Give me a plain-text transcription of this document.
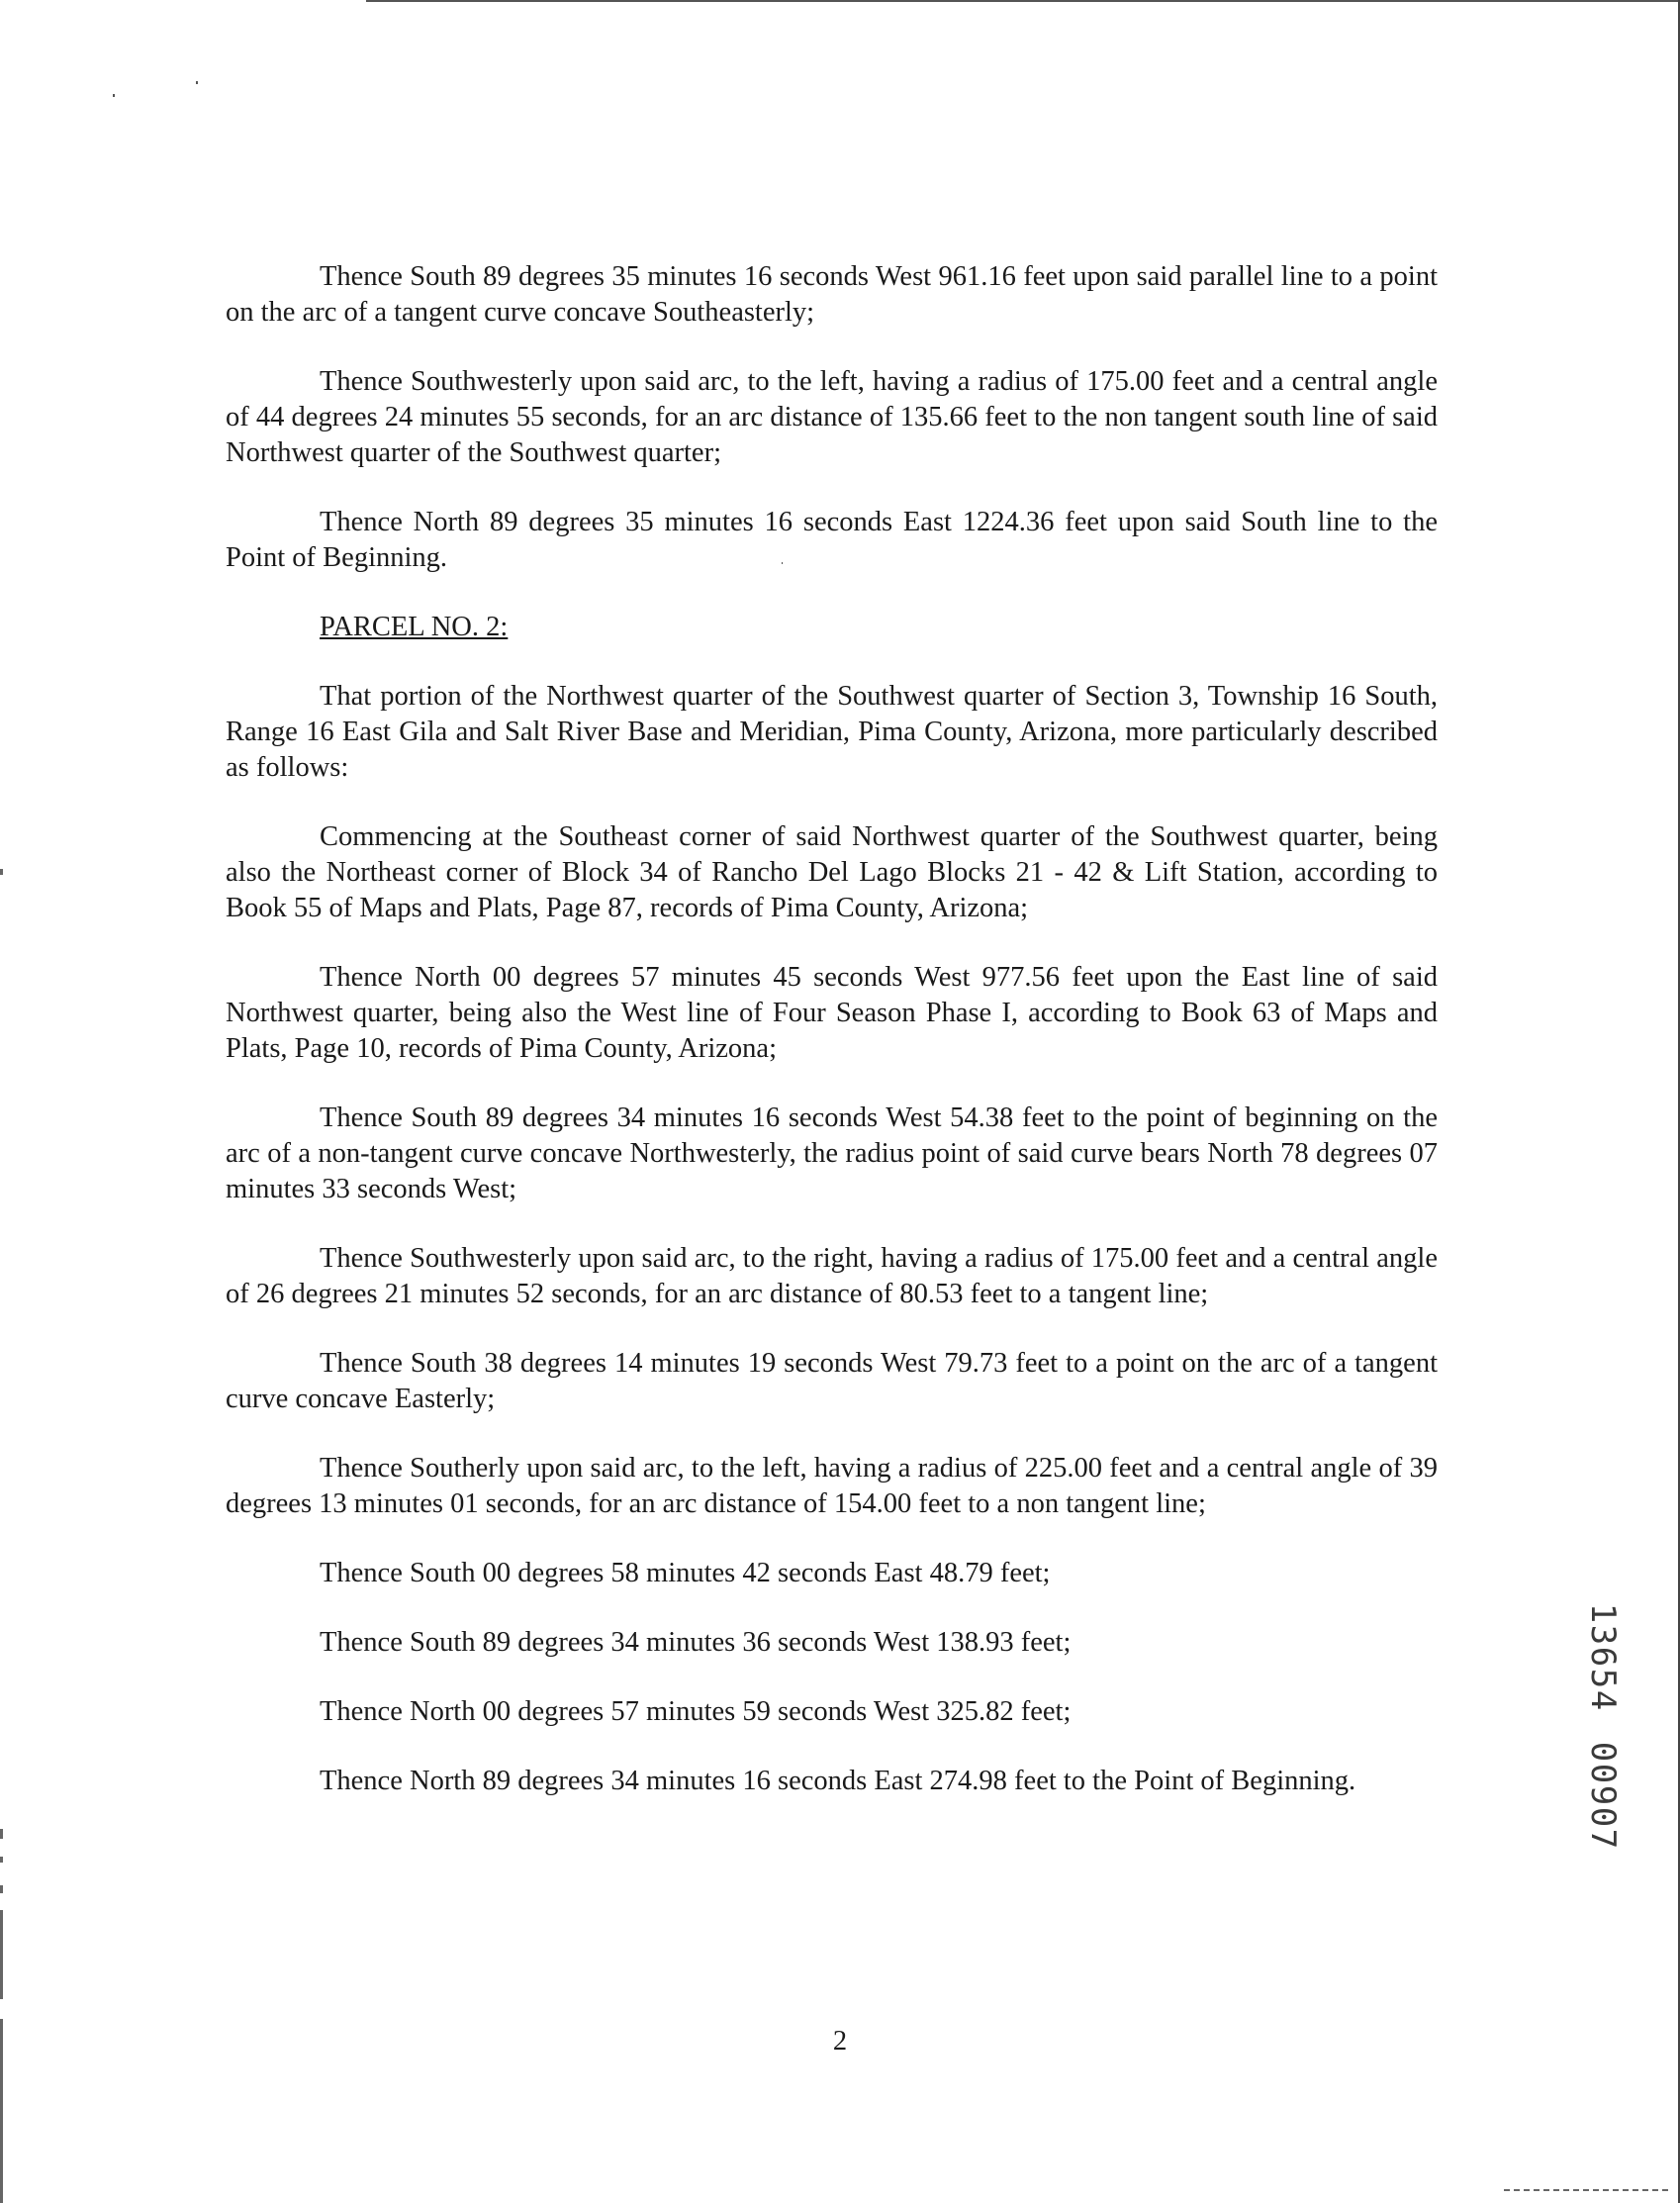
Thence South 89 degrees 35 minutes 16 seconds West 961.16 feet upon said parallel line to a point on the arc of a tangent curve concave Southeasterly;

Thence Southwesterly upon said arc, to the left, having a radius of 175.00 feet and a central angle of 44 degrees 24 minutes 55 seconds, for an arc distance of 135.66 feet to the non tangent south line of said Northwest quarter of the Southwest quarter;

Thence North 89 degrees 35 minutes 16 seconds East 1224.36 feet upon said South line to the Point of Beginning.

PARCEL NO. 2:

That portion of the Northwest quarter of the Southwest quarter of Section 3, Township 16 South, Range 16 East Gila and Salt River Base and Meridian, Pima County, Arizona, more particularly described as follows:

Commencing at the Southeast corner of said Northwest quarter of the Southwest quarter, being also the Northeast corner of Block 34 of Rancho Del Lago Blocks 21 - 42 & Lift Station, according to Book 55 of Maps and Plats, Page 87, records of Pima County, Arizona;

Thence North 00 degrees 57 minutes 45 seconds West 977.56 feet upon the East line of said Northwest quarter, being also the West line of Four Season Phase I, according to Book 63 of Maps and Plats, Page 10, records of Pima County, Arizona;

Thence South 89 degrees 34 minutes 16 seconds West 54.38 feet to the point of beginning on the arc of a non-tangent curve concave Northwesterly, the radius point of said curve bears North 78 degrees 07 minutes 33 seconds West;

Thence Southwesterly upon said arc, to the right, having a radius of 175.00 feet and a central angle of 26 degrees 21 minutes 52 seconds, for an arc distance of 80.53 feet to a tangent line;

Thence South 38 degrees 14 minutes 19 seconds West 79.73 feet to a point on the arc of a tangent curve concave Easterly;

Thence Southerly upon said arc, to the left, having a radius of 225.00 feet and a central angle of 39 degrees 13 minutes 01 seconds, for an arc distance of 154.00 feet to a non tangent line;

Thence South 00 degrees 58 minutes 42 seconds East 48.79 feet;

Thence South 89 degrees 34 minutes 36 seconds West 138.93 feet;

Thence North 00 degrees 57 minutes 59 seconds West 325.82 feet;

Thence North 89 degrees 34 minutes 16 seconds East 274.98 feet to the Point of Beginning.

2
1
3
6
5
4
0
0
9
0
7
